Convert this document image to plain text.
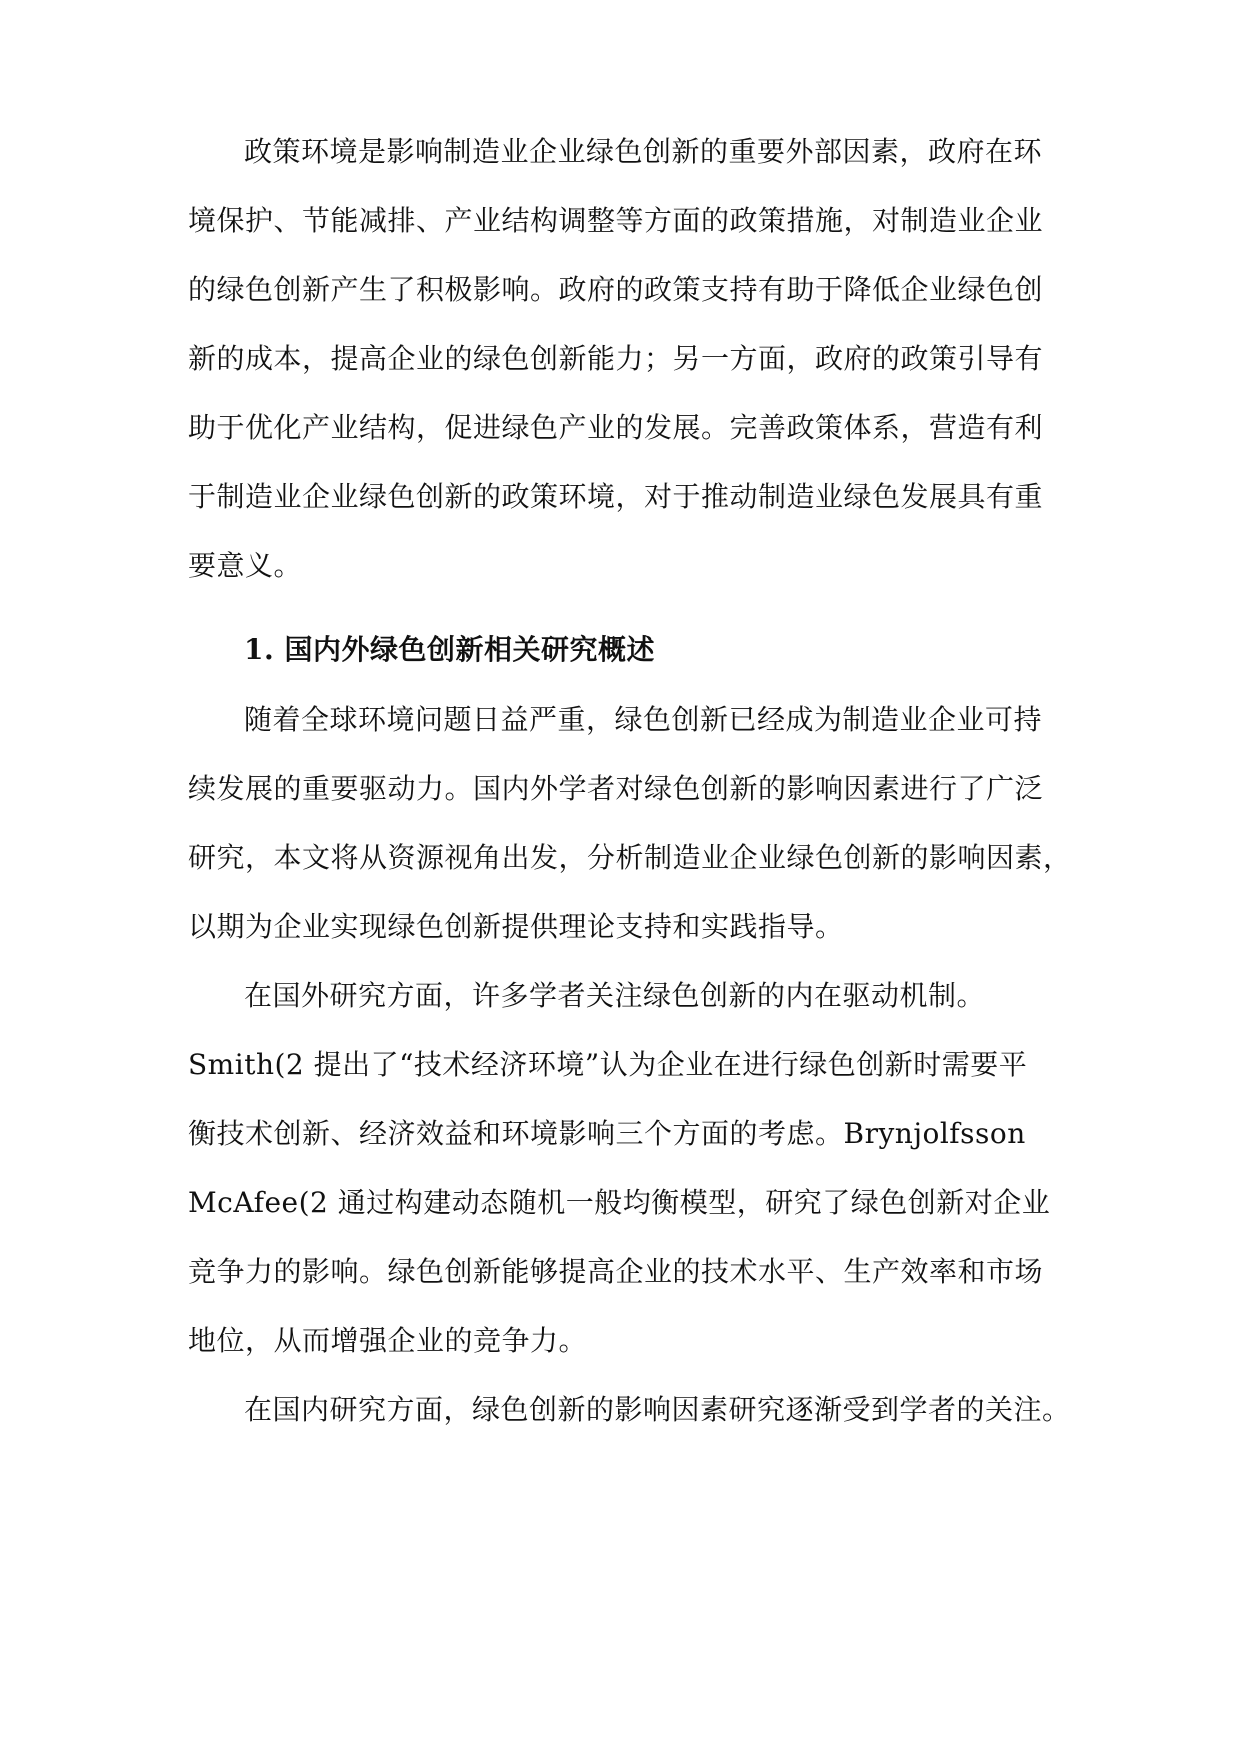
政策环境是影响制造业企业绿色创新的重要外部因素，政府在环
境保护、节能减排、产业结构调整等方面的政策措施，对制造业企业
的绿色创新产生了积极影响。政府的政策支持有助于降低企业绿色创
新的成本，提高企业的绿色创新能力；另一方面，政府的政策引导有
助于优化产业结构，促进绿色产业的发展。完善政策体系，营造有利
于制造业企业绿色创新的政策环境，对于推动制造业绿色发展具有重
要意义。
1. 国内外绿色创新相关研究概述
随着全球环境问题日益严重，绿色创新已经成为制造业企业可持
续发展的重要驱动力。国内外学者对绿色创新的影响因素进行了广泛
研究，本文将从资源视角出发，分析制造业企业绿色创新的影响因素，
以期为企业实现绿色创新提供理论支持和实践指导。
在国外研究方面，许多学者关注绿色创新的内在驱动机制。
Smith(2 提出了“技术经济环境”认为企业在进行绿色创新时需要平
衡技术创新、经济效益和环境影响三个方面的考虑。Brynjolfsson
McAfee(2 通过构建动态随机一般均衡模型，研究了绿色创新对企业
竞争力的影响。绿色创新能够提高企业的技术水平、生产效率和市场
地位，从而增强企业的竞争力。
在国内研究方面，绿色创新的影响因素研究逐渐受到学者的关注。
